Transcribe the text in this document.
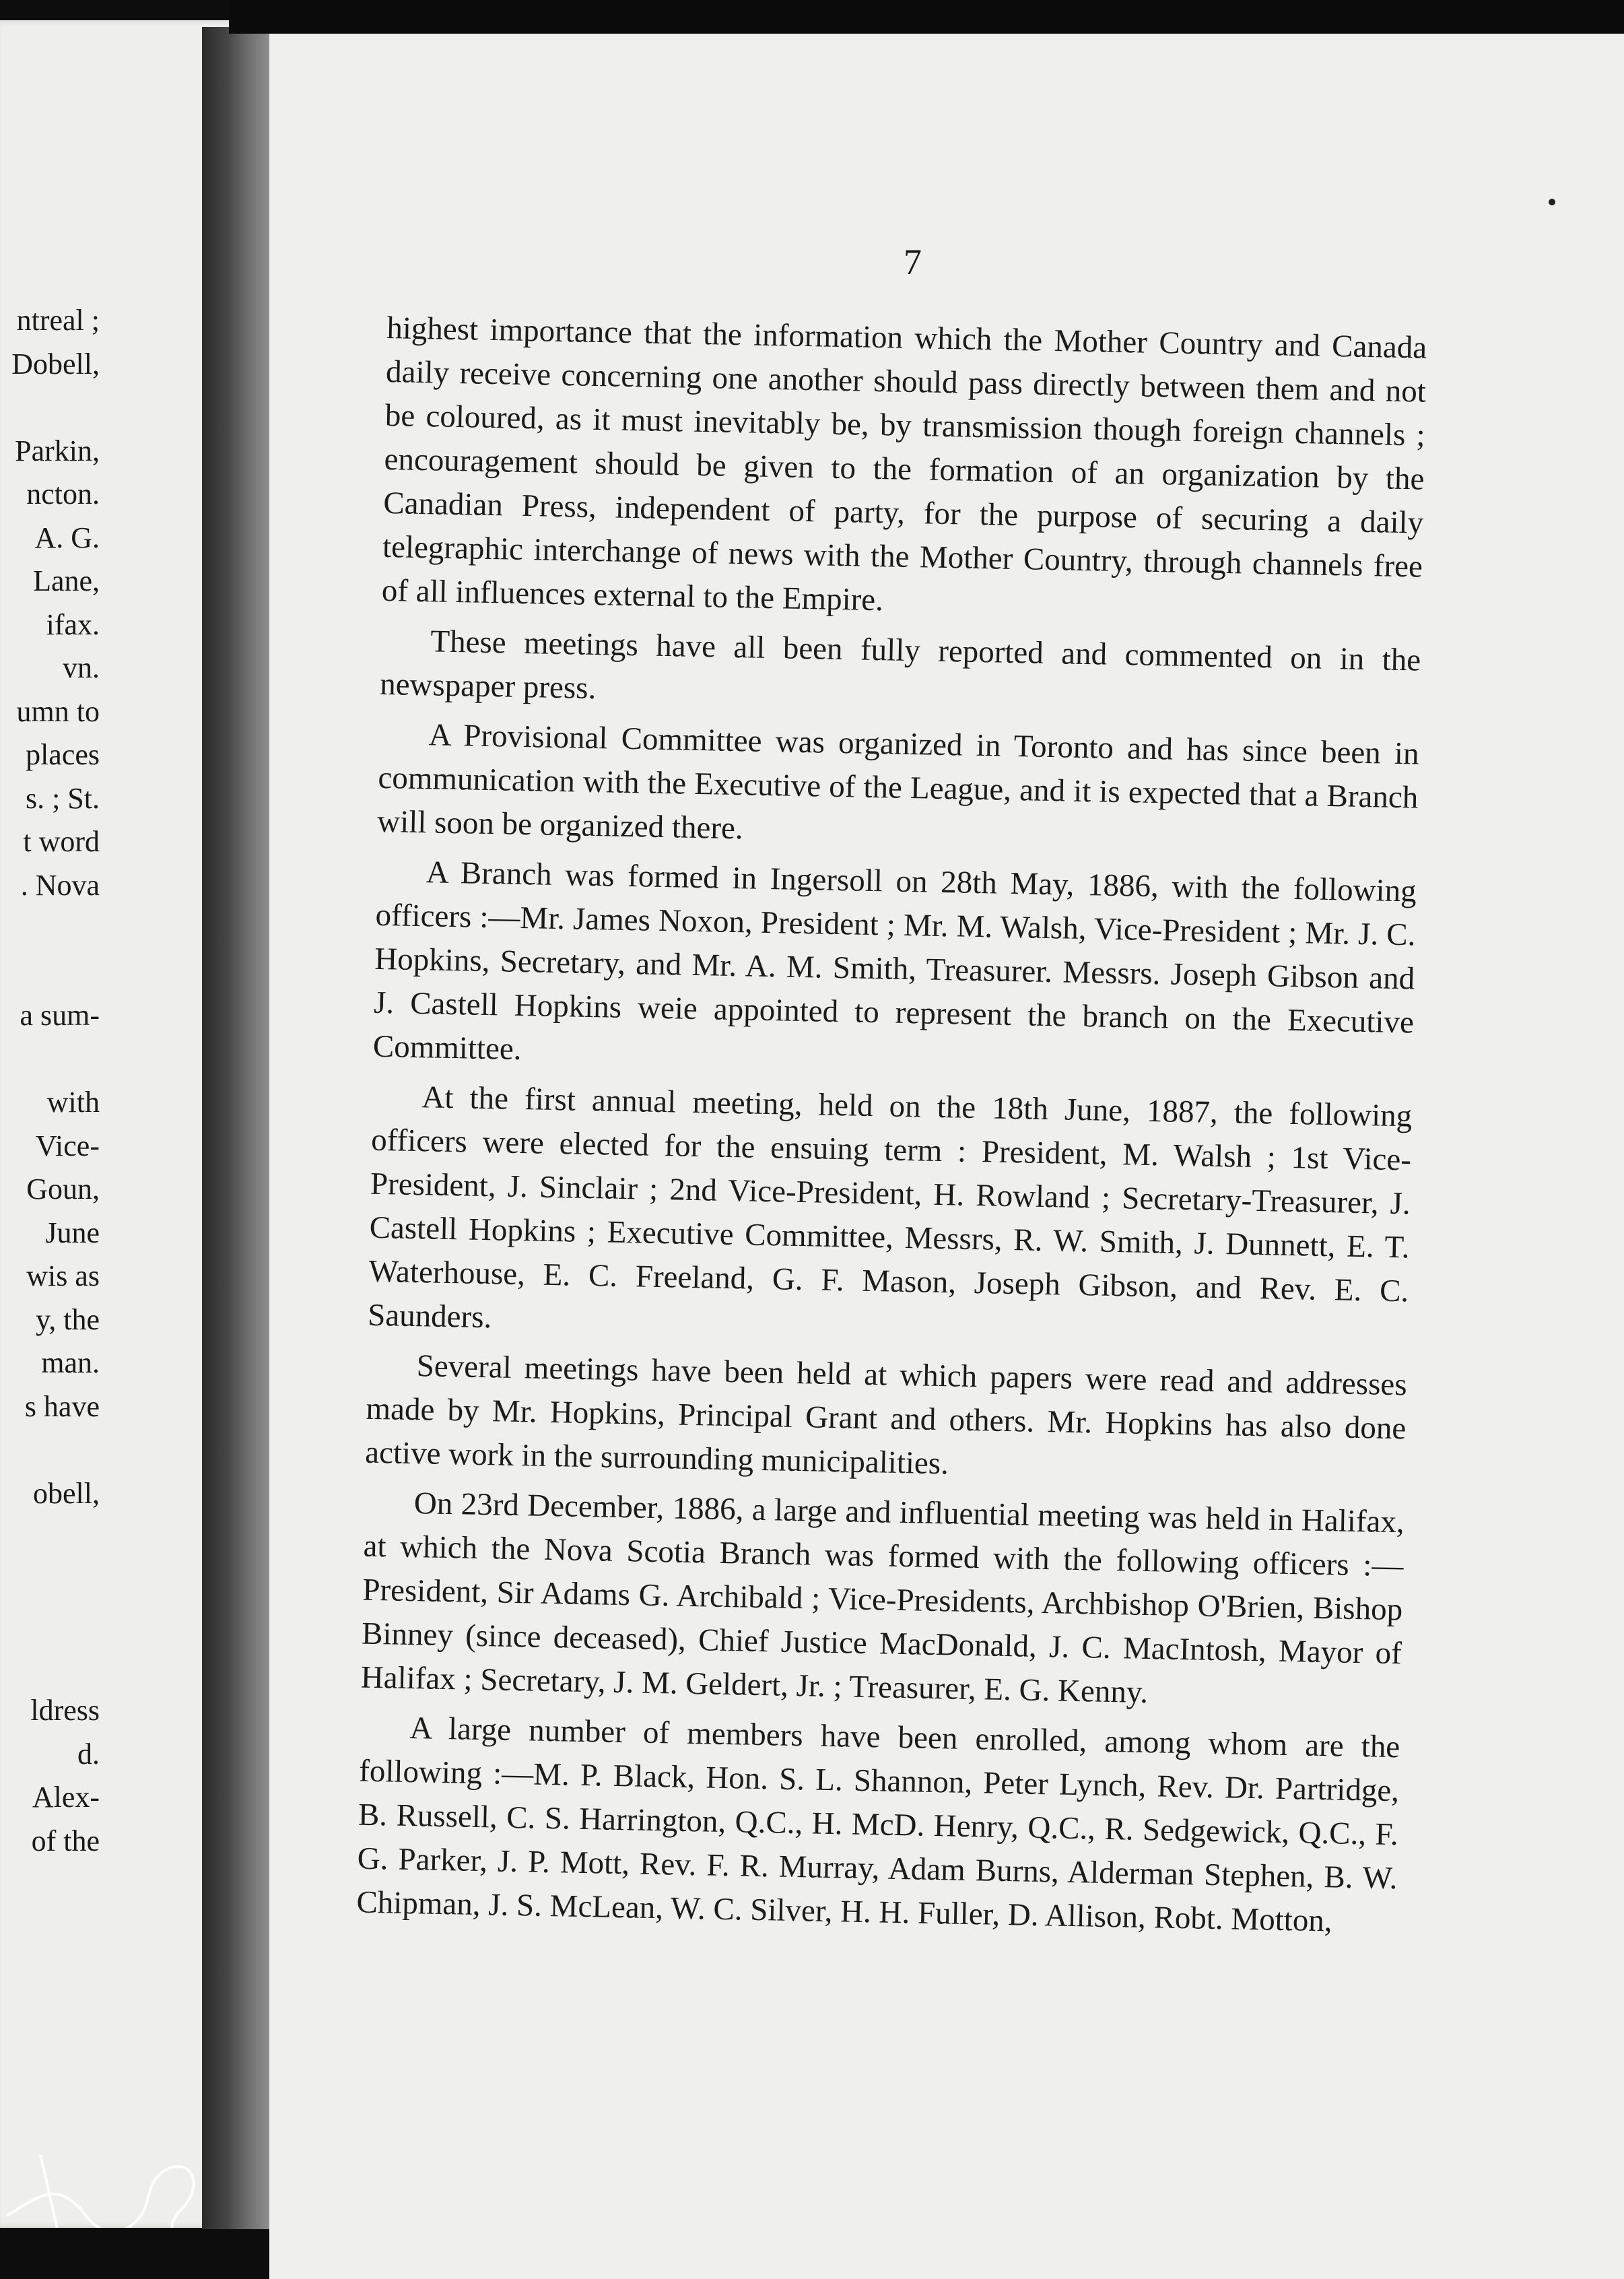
ntreal ;
Dobell,
Parkin,
ncton.
A. G.
Lane,
ifax.
vn.
umn to
places
s. ; St.
t word
. Nova
a sum-
with
Vice-
Goun,
June
wis as
y, the
man.
s have
obell,
ldress
d.
Alex-
of the
7

highest importance that the information which the Mother Country and Canada daily receive concerning one another should pass directly between them and not be coloured, as it must inevitably be, by transmission though foreign channels ; encouragement should be given to the formation of an organization by the Canadian Press, independent of party, for the purpose of securing a daily telegraphic interchange of news with the Mother Country, through channels free of all influences external to the Empire.

These meetings have all been fully reported and commented on in the newspaper press.

A Provisional Committee was organized in Toronto and has since been in communication with the Executive of the League, and it is expected that a Branch will soon be organized there.

A Branch was formed in Ingersoll on 28th May, 1886, with the following officers :—Mr. James Noxon, President ; Mr. M. Walsh, Vice-President ; Mr. J. C. Hopkins, Secretary, and Mr. A. M. Smith, Treasurer. Messrs. Joseph Gibson and J. Castell Hopkins weie appointed to represent the branch on the Executive Committee.

At the first annual meeting, held on the 18th June, 1887, the following officers were elected for the ensuing term : President, M. Walsh ; 1st Vice-President, J. Sinclair ; 2nd Vice-President, H. Rowland ; Secretary-Treasurer, J. Castell Hopkins ; Executive Committee, Messrs, R. W. Smith, J. Dunnett, E. T. Waterhouse, E. C. Freeland, G. F. Mason, Joseph Gibson, and Rev. E. C. Saunders.

Several meetings have been held at which papers were read and addresses made by Mr. Hopkins, Principal Grant and others. Mr. Hopkins has also done active work in the surrounding municipalities.

On 23rd December, 1886, a large and influential meeting was held in Halifax, at which the Nova Scotia Branch was formed with the following officers :—President, Sir Adams G. Archibald ; Vice-Presidents, Archbishop O'Brien, Bishop Binney (since deceased), Chief Justice MacDonald, J. C. MacIntosh, Mayor of Halifax ; Secretary, J. M. Geldert, Jr. ; Treasurer, E. G. Kenny.

A large number of members have been enrolled, among whom are the following :—M. P. Black, Hon. S. L. Shannon, Peter Lynch, Rev. Dr. Partridge, B. Russell, C. S. Harrington, Q.C., H. McD. Henry, Q.C., R. Sedgewick, Q.C., F. G. Parker, J. P. Mott, Rev. F. R. Murray, Adam Burns, Alderman Stephen, B. W. Chipman, J. S. McLean, W. C. Silver, H. H. Fuller, D. Allison, Robt. Motton,
